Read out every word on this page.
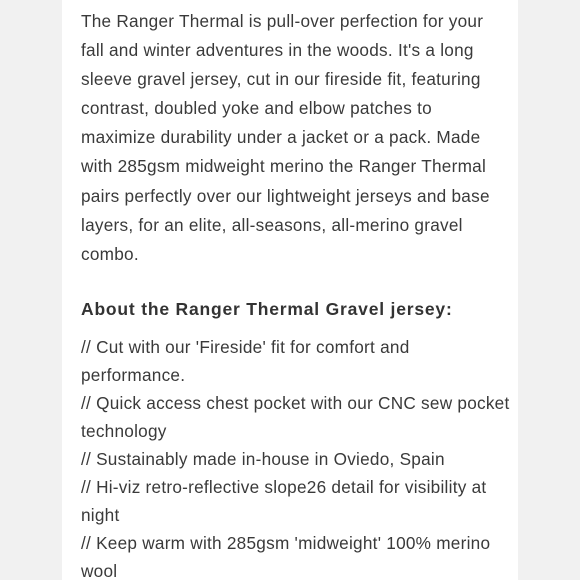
The Ranger Thermal is pull-over perfection for your fall and winter adventures in the woods. It's a long sleeve gravel jersey, cut in our fireside fit, featuring contrast, doubled yoke and elbow patches to maximize durability under a jacket or a pack. Made with 285gsm midweight merino the Ranger Thermal pairs perfectly over our lightweight jerseys and base layers, for an elite, all-seasons, all-merino gravel combo.

About the Ranger Thermal Gravel jersey:
// Cut with our 'Fireside' fit for comfort and performance.
// Quick access chest pocket with our CNC sew pocket technology
// Sustainably made in-house in Oviedo, Spain
// Hi-viz retro-reflective slope26 detail for visibility at night
// Keep warm with 285gsm 'midweight' 100% merino wool
